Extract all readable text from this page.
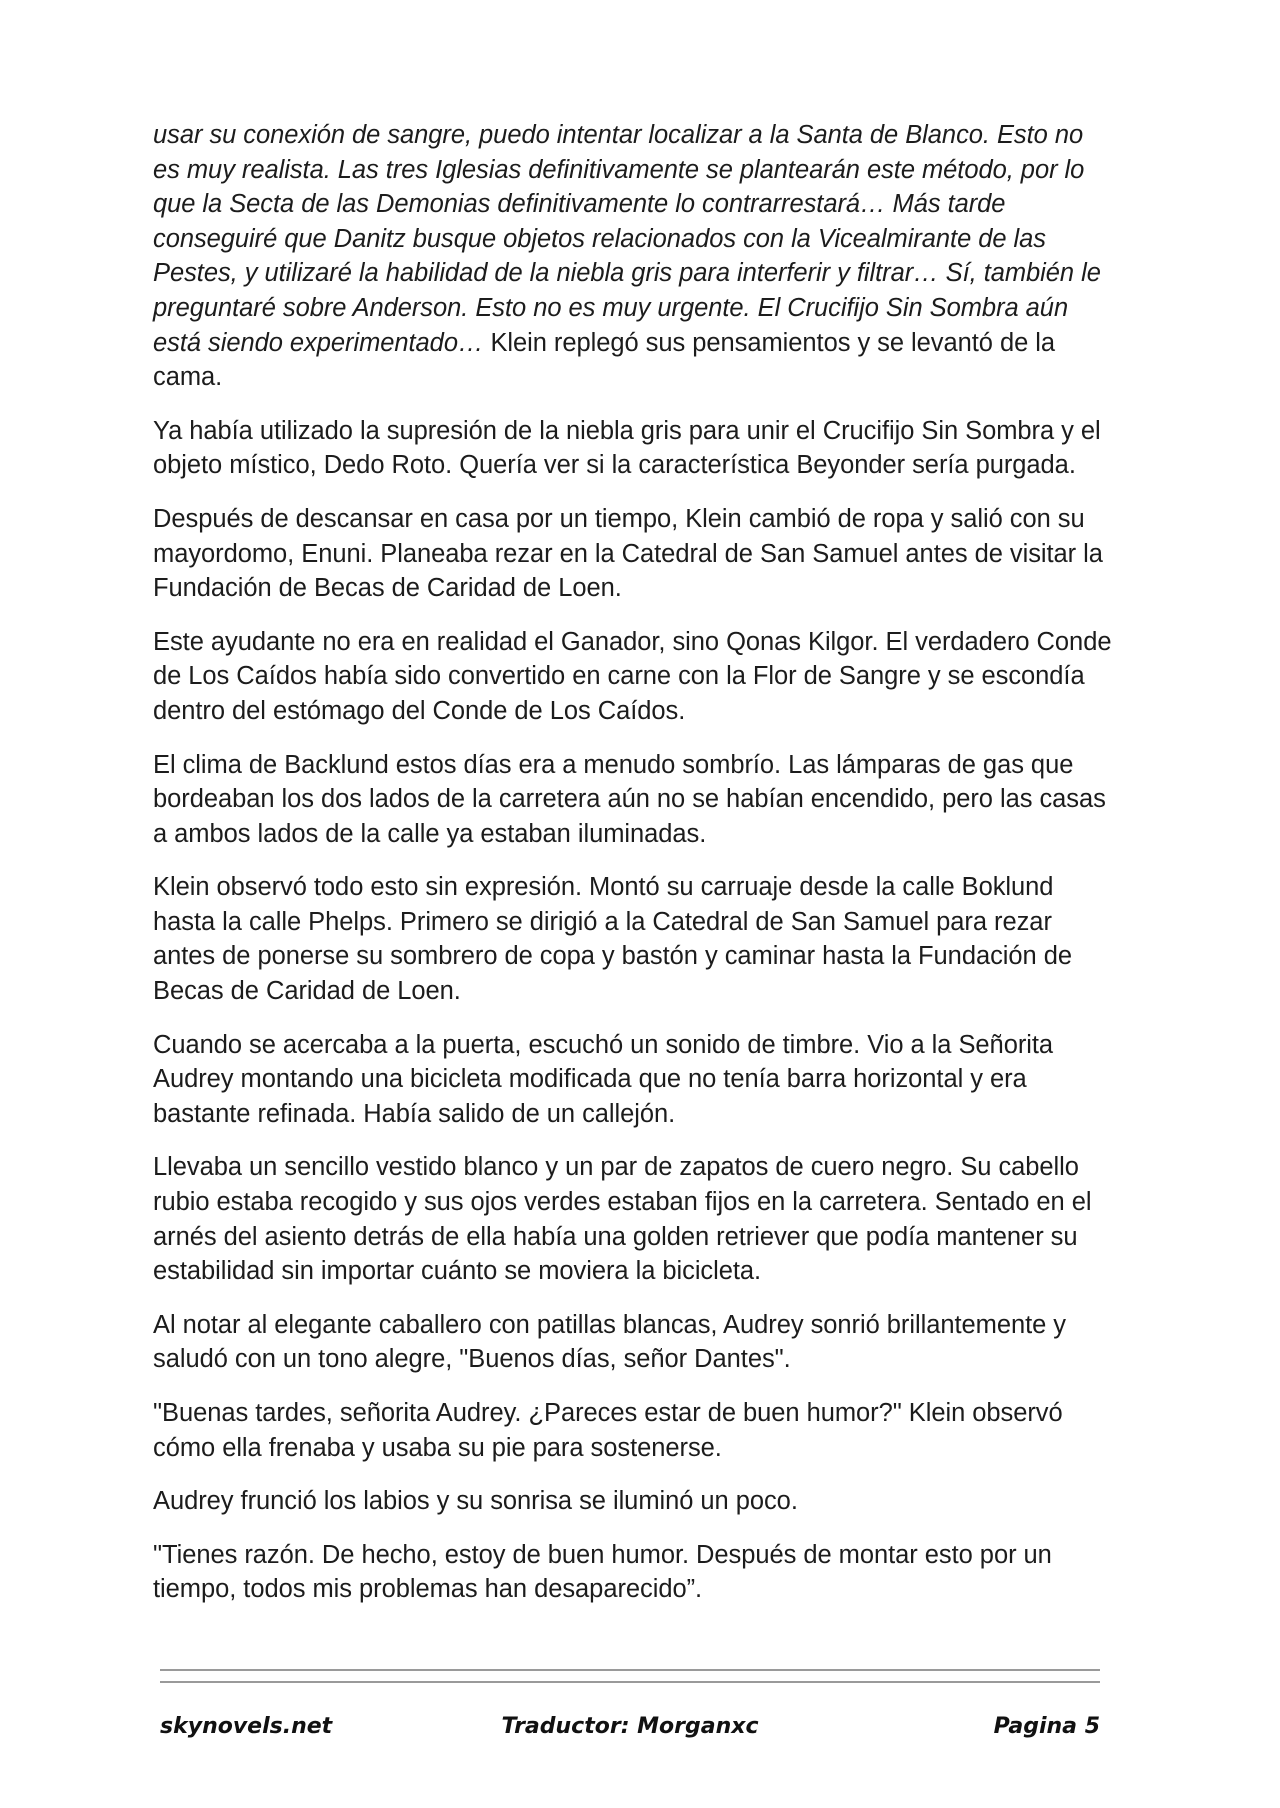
usar su conexión de sangre, puedo intentar localizar a la Santa de Blanco. Esto no es muy realista. Las tres Iglesias definitivamente se plantearán este método, por lo que la Secta de las Demonias definitivamente lo contrarrestará… Más tarde conseguiré que Danitz busque objetos relacionados con la Vicealmirante de las Pestes, y utilizaré la habilidad de la niebla gris para interferir y filtrar… Sí, también le preguntaré sobre Anderson. Esto no es muy urgente. El Crucifijo Sin Sombra aún está siendo experimentado… Klein replegó sus pensamientos y se levantó de la cama.

Ya había utilizado la supresión de la niebla gris para unir el Crucifijo Sin Sombra y el objeto místico, Dedo Roto. Quería ver si la característica Beyonder sería purgada.

Después de descansar en casa por un tiempo, Klein cambió de ropa y salió con su mayordomo, Enuni. Planeaba rezar en la Catedral de San Samuel antes de visitar la Fundación de Becas de Caridad de Loen.

Este ayudante no era en realidad el Ganador, sino Qonas Kilgor. El verdadero Conde de Los Caídos había sido convertido en carne con la Flor de Sangre y se escondía dentro del estómago del Conde de Los Caídos.

El clima de Backlund estos días era a menudo sombrío. Las lámparas de gas que bordeaban los dos lados de la carretera aún no se habían encendido, pero las casas a ambos lados de la calle ya estaban iluminadas.

Klein observó todo esto sin expresión. Montó su carruaje desde la calle Boklund hasta la calle Phelps. Primero se dirigió a la Catedral de San Samuel para rezar antes de ponerse su sombrero de copa y bastón y caminar hasta la Fundación de Becas de Caridad de Loen.

Cuando se acercaba a la puerta, escuchó un sonido de timbre. Vio a la Señorita Audrey montando una bicicleta modificada que no tenía barra horizontal y era bastante refinada. Había salido de un callejón.

Llevaba un sencillo vestido blanco y un par de zapatos de cuero negro. Su cabello rubio estaba recogido y sus ojos verdes estaban fijos en la carretera. Sentado en el arnés del asiento detrás de ella había una golden retriever que podía mantener su estabilidad sin importar cuánto se moviera la bicicleta.

Al notar al elegante caballero con patillas blancas, Audrey sonrió brillantemente y saludó con un tono alegre, "Buenos días, señor Dantes".

"Buenas tardes, señorita Audrey. ¿Pareces estar de buen humor?" Klein observó cómo ella frenaba y usaba su pie para sostenerse.

Audrey frunció los labios y su sonrisa se iluminó un poco.

"Tienes razón. De hecho, estoy de buen humor. Después de montar esto por un tiempo, todos mis problemas han desaparecido”.

skynovels.net	Traductor: Morganxc	Pagina 5
